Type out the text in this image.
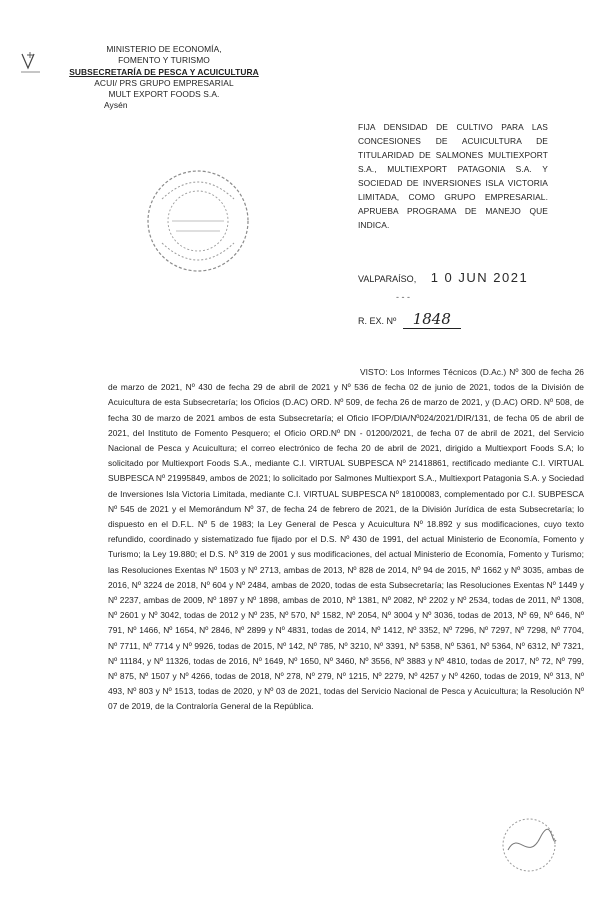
MINISTERIO DE ECONOMÍA,
FOMENTO Y TURISMO
SUBSECRETARÍA DE PESCA Y ACUICULTURA
ACUI/ PRS GRUPO EMPRESARIAL
MULT EXPORT FOODS S.A.
Aysén
FIJA DENSIDAD DE CULTIVO PARA LAS CONCESIONES DE ACUICULTURA DE TITULARIDAD DE SALMONES MULTIEXPORT S.A., MULTIEXPORT PATAGONIA S.A. Y SOCIEDAD DE INVERSIONES ISLA VICTORIA LIMITADA, COMO GRUPO EMPRESARIAL. APRUEBA PROGRAMA DE MANEJO QUE INDICA.
VALPARAÍSO, 1 0 JUN 2021
- - -
R. EX. Nº 1848
VISTO: Los Informes Técnicos (D.Ac.) Nº 300 de fecha 26 de marzo de 2021, Nº 430 de fecha 29 de abril de 2021 y Nº 536 de fecha 02 de junio de 2021, todos de la División de Acuicultura de esta Subsecretaría; los Oficios (D.AC) ORD. Nº 509, de fecha 26 de marzo de 2021, y (D.AC) ORD. Nº 508, de fecha 30 de marzo de 2021 ambos de esta Subsecretaría; el Oficio IFOP/DIA/Nº024/2021/DIR/131, de fecha 05 de abril de 2021, del Instituto de Fomento Pesquero; el Oficio ORD.Nº DN - 01200/2021, de fecha 07 de abril de 2021, del Servicio Nacional de Pesca y Acuicultura; el correo electrónico de fecha 20 de abril de 2021, dirigido a Multiexport Foods S.A; lo solicitado por Multiexport Foods S.A., mediante C.I. VIRTUAL SUBPESCA Nº 21418861, rectificado mediante C.I. VIRTUAL SUBPESCA Nº 21995849, ambos de 2021; lo solicitado por Salmones Multiexport S.A., Multiexport Patagonia S.A. y Sociedad de Inversiones Isla Victoria Limitada, mediante C.I. VIRTUAL SUBPESCA Nº 18100083, complementado por C.I. SUBPESCA Nº 545 de 2021 y el Memorándum Nº 37, de fecha 24 de febrero de 2021, de la División Jurídica de esta Subsecretaría; lo dispuesto en el D.F.L. Nº 5 de 1983; la Ley General de Pesca y Acuicultura Nº 18.892 y sus modificaciones, cuyo texto refundido, coordinado y sistematizado fue fijado por el D.S. Nº 430 de 1991, del actual Ministerio de Economía, Fomento y Turismo; la Ley 19.880; el D.S. Nº 319 de 2001 y sus modificaciones, del actual Ministerio de Economía, Fomento y Turismo; las Resoluciones Exentas Nº 1503 y Nº 2713, ambas de 2013, Nº 828 de 2014, Nº 94 de 2015, Nº 1662 y Nº 3035, ambas de 2016, Nº 3224 de 2018, Nº 604 y Nº 2484, ambas de 2020, todas de esta Subsecretaría; las Resoluciones Exentas Nº 1449 y Nº 2237, ambas de 2009, Nº 1897 y Nº 1898, ambas de 2010, Nº 1381, Nº 2082, Nº 2202 y Nº 2534, todas de 2011, Nº 1308, Nº 2601 y Nº 3042, todas de 2012 y Nº 235, Nº 570, Nº 1582, Nº 2054, Nº 3004 y Nº 3036, todas de 2013, Nº 69, Nº 646, Nº 791, Nº 1466, Nº 1654, Nº 2846, Nº 2899 y Nº 4831, todas de 2014, Nº 1412, Nº 3352, Nº 7296, Nº 7297, Nº 7298, Nº 7704, Nº 7711, Nº 7714 y Nº 9926, todas de 2015, Nº 142, Nº 785, Nº 3210, Nº 3391, Nº 5358, Nº 5361, Nº 5364, Nº 6312, Nº 7321, Nº 11184, y Nº 11326, todas de 2016, Nº 1649, Nº 1650, Nº 3460, Nº 3556, Nº 3883 y Nº 4810, todas de 2017, Nº 72, Nº 799, Nº 875, Nº 1507 y Nº 4266, todas de 2018, Nº 278, Nº 279, Nº 1215, Nº 2279, Nº 4257 y Nº 4260, todas de 2019, Nº 313, Nº 493, Nº 803 y Nº 1513, todas de 2020, y Nº 03 de 2021, todas del Servicio Nacional de Pesca y Acuicultura; la Resolución Nº 07 de 2019, de la Contraloría General de la República.
